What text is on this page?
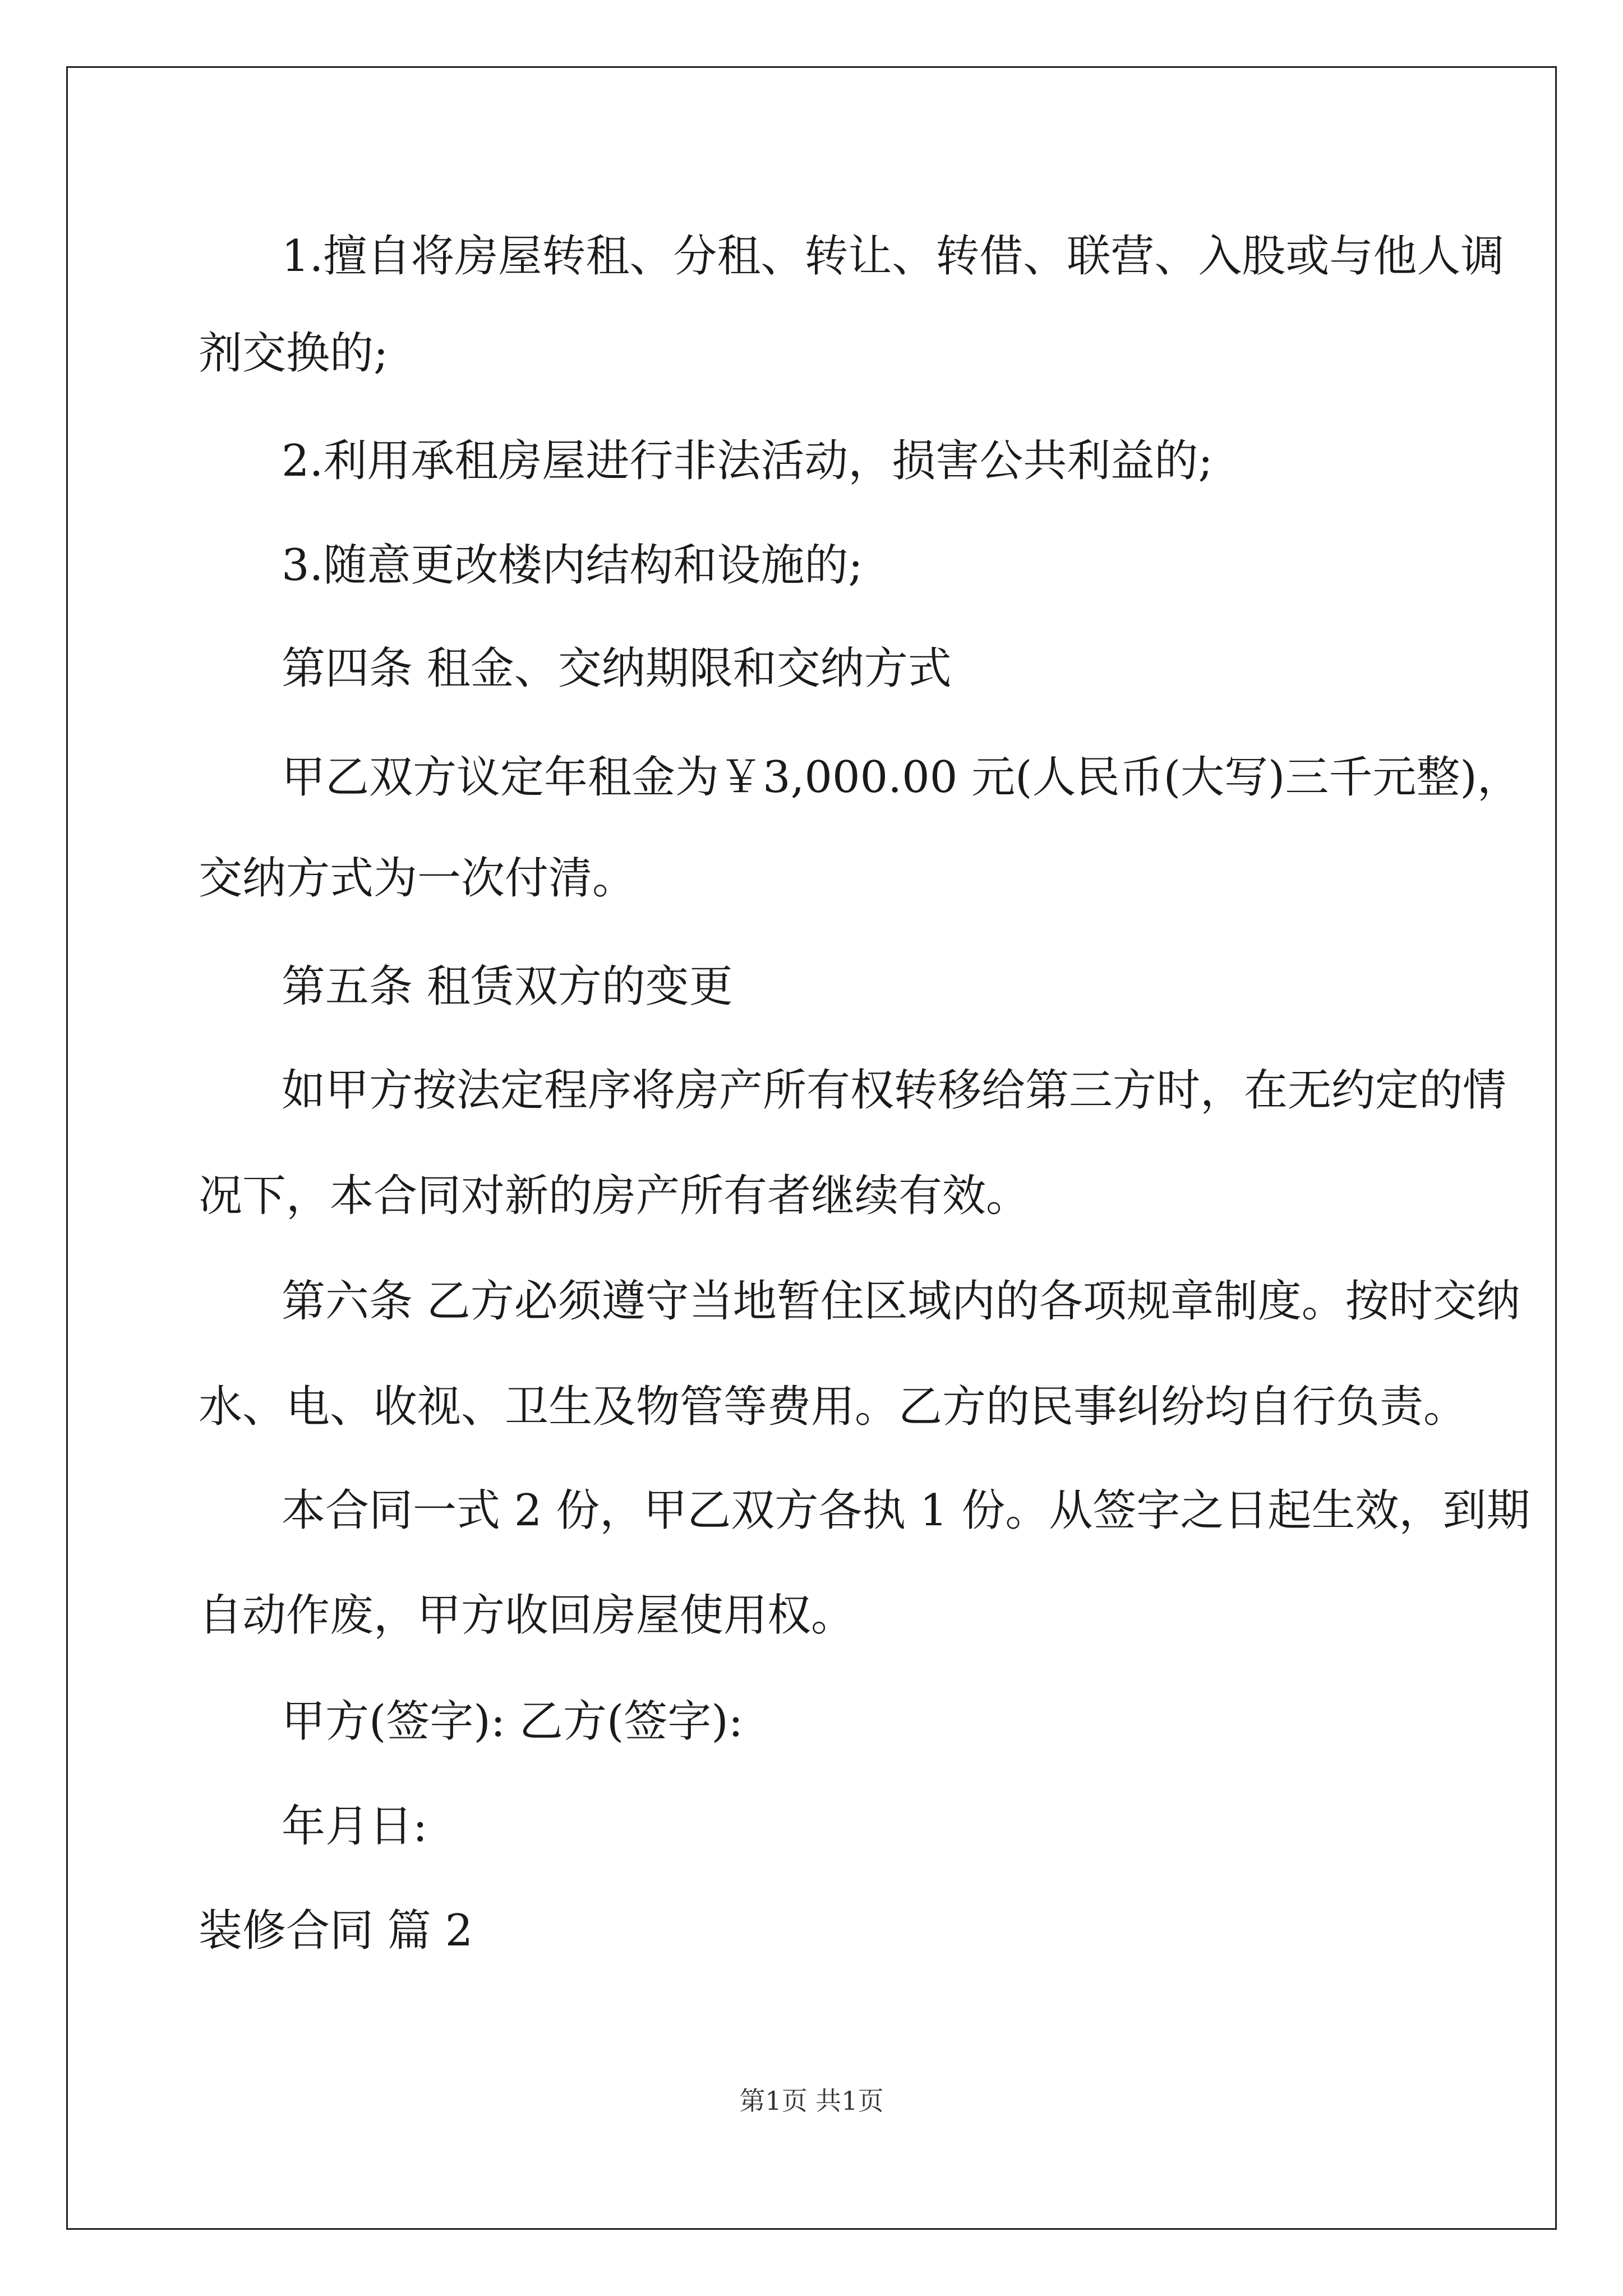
1.擅自将房屋转租、分租、转让、转借、联营、入股或与他人调
剂交换的;
2.利用承租房屋进行非法活动，损害公共利益的;
3.随意更改楼内结构和设施的;
第四条 租金、交纳期限和交纳方式
甲乙双方议定年租金为￥3,000.00 元(人民币(大写)三千元整)，
交纳方式为一次付清。
第五条 租赁双方的变更
如甲方按法定程序将房产所有权转移给第三方时，在无约定的情
况下，本合同对新的房产所有者继续有效。
第六条 乙方必须遵守当地暂住区域内的各项规章制度。按时交纳
水、电、收视、卫生及物管等费用。乙方的民事纠纷均自行负责。
本合同一式 2 份，甲乙双方各执 1 份。从签字之日起生效，到期
自动作废，甲方收回房屋使用权。
甲方(签字): 乙方(签字):
年月日:
装修合同 篇 2
第1页 共1页
